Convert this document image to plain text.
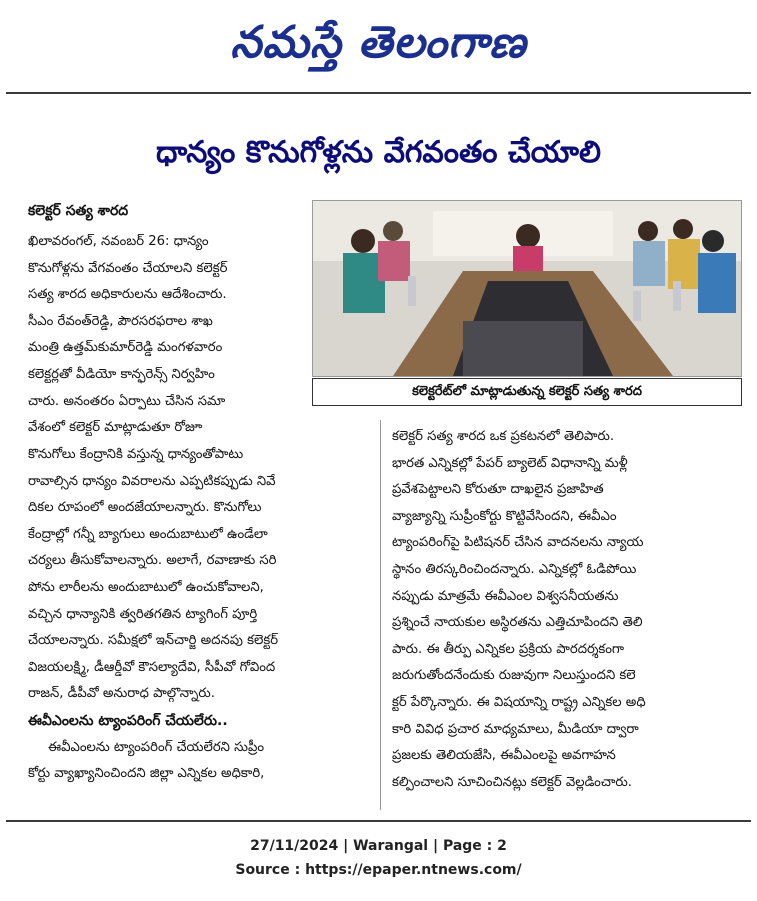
నమస్తే తెలంగాణ
ధాన్యం కొనుగోళ్లను వేగవంతం చేయాలి
కలెక్టర్ సత్య శారద

ఖిలావరంగల్, నవంబర్ 26: ధాన్యం

కొనుగోళ్లను వేగవంతం చేయాలని కలెక్టర్

సత్య శారద అధికారులను ఆదేశించారు.

సీఎం రేవంత్‌రెడ్డి, పౌరసరఫరాల శాఖ

మంత్రి ఉత్తమ్‌కుమార్‌రెడ్డి మంగళవారం

కలెక్టర్లతో వీడియో కాన్ఫరెన్స్ నిర్వహిం

చారు. అనంతరం ఏర్పాటు చేసిన సమా

వేశంలో కలెక్టర్ మాట్లాడుతూ రోజూ

కలెక్టరేట్‌లో మాట్లాడుతున్న కలెక్టర్ సత్య శారద

కొనుగోలు కేంద్రానికి వస్తున్న ధాన్యంతోపాటు

రావాల్సిన ధాన్యం వివరాలను ఎప్పటికప్పుడు నివే

దికల రూపంలో అందజేయాలన్నారు. కొనుగోలు

కేంద్రాల్లో గన్నీ బ్యాగులు అందుబాటులో ఉండేలా

చర్యలు తీసుకోవాలన్నారు. అలాగే, రవాణాకు సరి

పోను లారీలను అందుబాటులో ఉంచుకోవాలని,

వచ్చిన ధాన్యానికి త్వరితగతిన ట్యాగింగ్ పూర్తి

చేయాలన్నారు. సమీక్షలో ఇన్‌చార్జి అదనపు కలెక్టర్

విజయలక్ష్మి, డీఆర్డీవో కౌసల్యాదేవి, సీపీవో గోవింద

రాజన్, డీపీవో అనురాధ పాల్గొన్నారు.

ఈవీఎంలను ట్యాంపరింగ్ చేయలేరు..

ఈవీఎంలను ట్యాంపరింగ్ చేయలేరని సుప్రీం

కోర్టు వ్యాఖ్యానించిందని జిల్లా ఎన్నికల అధికారి,

కలెక్టర్ సత్య శారద ఒక ప్రకటనలో తెలిపారు.

భారత ఎన్నికల్లో పేపర్ బ్యాలెట్ విధానాన్ని మళ్లీ

ప్రవేశపెట్టాలని కోరుతూ దాఖలైన ప్రజాహిత

వ్యాజ్యాన్ని సుప్రీంకోర్టు కొట్టివేసిందని, ఈవీఎం

ట్యాంపరింగ్‌పై పిటిషనర్ చేసిన వాదనలను న్యాయ

స్థానం తిరస్కరించిందన్నారు. ఎన్నికల్లో ఓడిపోయి

నప్పుడు మాత్రమే ఈవీఎంల విశ్వసనీయతను

ప్రశ్నించే నాయకుల అస్థిరతను ఎత్తిచూపిందని తెలి

పారు. ఈ తీర్పు ఎన్నికల ప్రక్రియ పారదర్శకంగా

జరుగుతోందనేందుకు రుజువుగా నిలుస్తుందని కలె

క్టర్ పేర్కొన్నారు. ఈ విషయాన్ని రాష్ట్ర ఎన్నికల అధి

కారి వివిధ ప్రచార మాధ్యమాలు, మీడియా ద్వారా

ప్రజలకు తెలియజేసి, ఈవీఎంలపై అవగాహన

కల్పించాలని సూచించినట్లు కలెక్టర్ వెల్లడించారు.

27/11/2024 | Warangal | Page : 2
Source : https://epaper.ntnews.com/
